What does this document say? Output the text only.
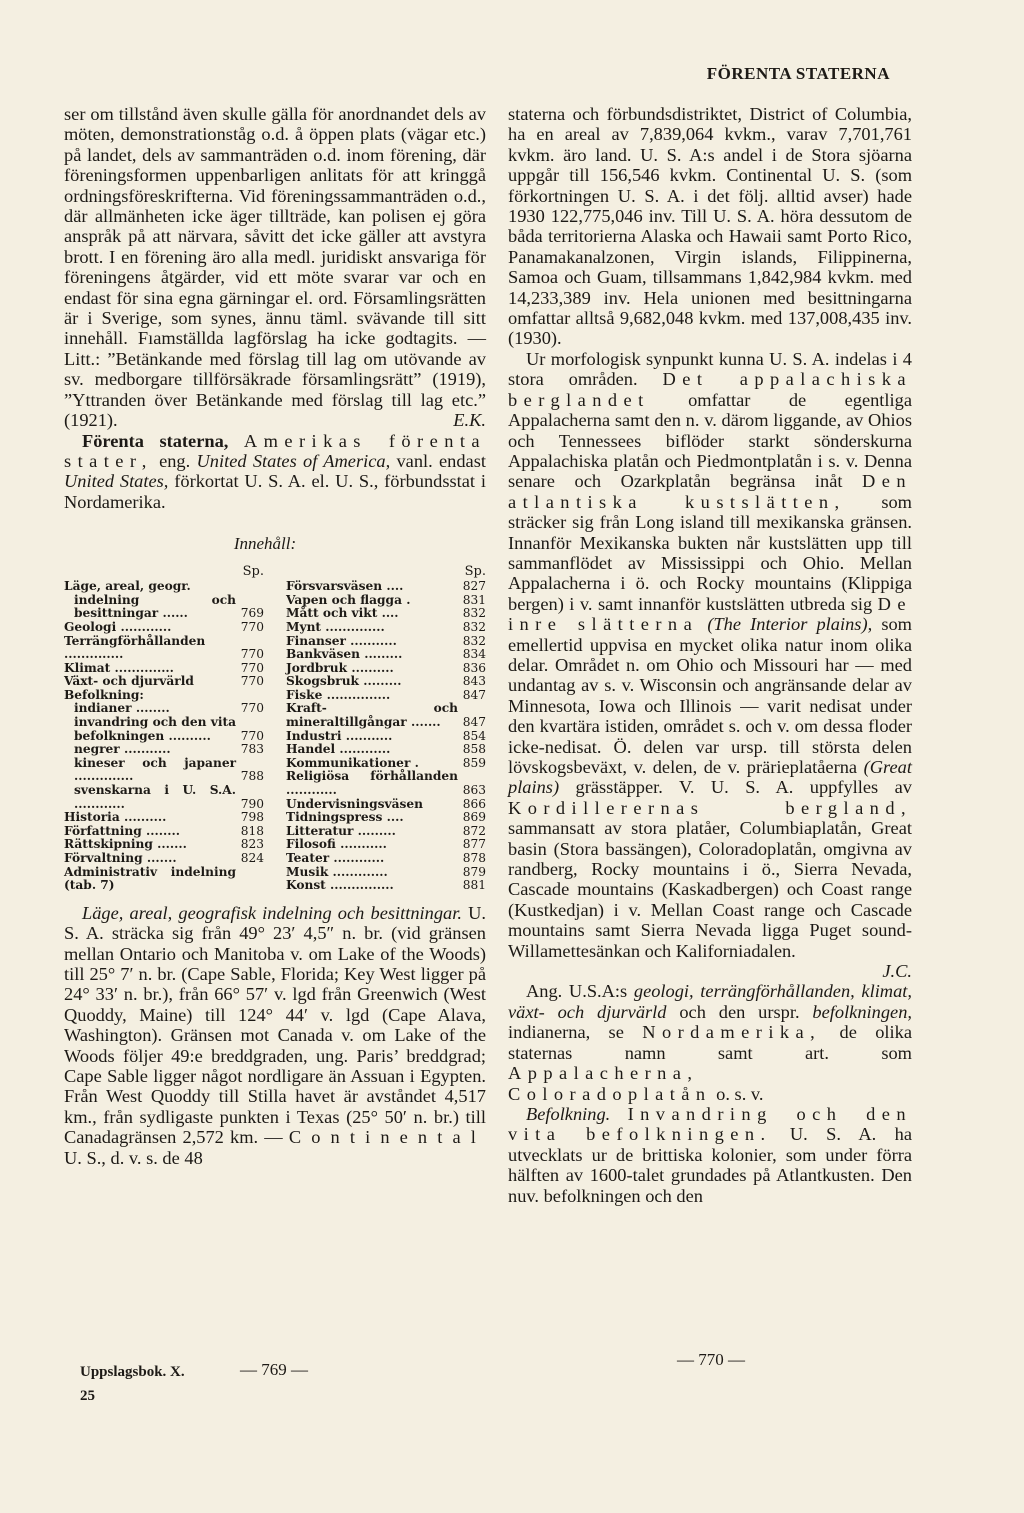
FÖRENTA STATERNA

ser om tillstånd även skulle gälla för anordnandet dels av möten, demonstrationståg o.d. å öppen plats (vägar etc.) på landet, dels av sammanträden o.d. inom förening, där föreningsformen uppenbarligen anlitats för att kringgå ordningsföreskrifterna. Vid föreningssammanträden o.d., där allmänheten icke äger tillträde, kan polisen ej göra anspråk på att närvara, såvitt det icke gäller att avstyra brott. I en förening äro alla medl. juridiskt ansvariga för föreningens åtgärder, vid ett möte svarar var och en endast för sina egna gärningar el. ord. Församlingsrätten är i Sverige, som synes, ännu täml. svävande till sitt innehåll. Fıamställda lagförslag ha icke godtagits. — Litt.: ”Betänkande med förslag till lag om utövande av sv. medborgare tillförsäkrade församlingsrätt” (1919), ”Yttranden över Betänkande med förslag till lag etc.” (1921).	E.K.

Förenta staterna, Amerikas förenta stater, eng. United States of America, vanl. endast United States, förkortat U. S. A. el. U. S., förbundsstat i Nordamerika.

Innehåll:
Sp.
Läge, areal, geogr.
indelning och besittningar ......	769
Geologi ............	770
Terrängförhållanden ..............	770
Klimat ..............	770
Växt- och djurvärld	770
Befolkning:
indianer ........	770
invandring och den vita befolkningen ..........	770
negrer ...........	783
kineser och japaner ..............	788
svenskarna i U. S.A. ............	790
Historia ..........	798
Författning ........	818
Rättskipning .......	823
Förvaltning .......	824
Administrativ indelning (tab. 7)
Sp.
Försvarsväsen ....	827
Vapen och flagga .	831
Mått och vikt ....	832
Mynt ..............	832
Finanser ...........	832
Bankväsen .........	834
Jordbruk ..........	836
Skogsbruk .........	843
Fiske ...............	847
Kraft- och mineraltillgångar .......	847
Industri ...........	854
Handel ............	858
Kommunikationer .	859
Religiösa förhållanden ............	863
Undervisningsväsen	866
Tidningspress ....	869
Litteratur .........	872
Filosofi ...........	877
Teater ............	878
Musik .............	879
Konst ...............	881

Läge, areal, geografisk indelning och besittningar. U. S. A. sträcka sig från 49° 23′ 4,5″ n. br. (vid gränsen mellan Ontario och Manitoba v. om Lake of the Woods) till 25° 7′ n. br. (Cape Sable, Florida; Key West ligger på 24° 33′ n. br.), från 66° 57′ v. lgd från Greenwich (West Quoddy, Maine) till 124° 44′ v. lgd (Cape Alava, Washington). Gränsen mot Canada v. om Lake of the Woods följer 49:e breddgraden, ung. Paris’ breddgrad; Cape Sable ligger något nordligare än Assuan i Egypten. Från West Quoddy till Stilla havet är avståndet 4,517 km., från sydligaste punkten i Texas (25° 50′ n. br.) till Canadagränsen 2,572 km. — Continental U. S., d. v. s. de 48

staterna och förbundsdistriktet, District of Columbia, ha en areal av 7,839,064 kvkm., varav 7,701,761 kvkm. äro land. U. S. A:s andel i de Stora sjöarna uppgår till 156,546 kvkm. Continental U. S. (som förkortningen U. S. A. i det följ. alltid avser) hade 1930 122,775,046 inv. Till U. S. A. höra dessutom de båda territorierna Alaska och Hawaii samt Porto Rico, Panamakanalzonen, Virgin islands, Filippinerna, Samoa och Guam, tillsammans 1,842,984 kvkm. med 14,233,389 inv. Hela unionen med besittningarna omfattar alltså 9,682,048 kvkm. med 137,008,435 inv. (1930).

Ur morfologisk synpunkt kunna U. S. A. indelas i 4 stora områden. Det appalachiska berglandet omfattar de egentliga Appalacherna samt den n. v. därom liggande, av Ohios och Tennessees biflöder starkt sönderskurna Appalachiska platån och Piedmontplatån i s. v. Denna senare och Ozarkplatån begränsa inåt Den atlantiska kustslätten, som sträcker sig från Long island till mexikanska gränsen. Innanför Mexikanska bukten når kustslätten upp till sammanflödet av Mississippi och Ohio. Mellan Appalacherna i ö. och Rocky mountains (Klippiga bergen) i v. samt innanför kustslätten utbreda sig De inre slätterna (The Interior plains), som emellertid uppvisa en mycket olika natur inom olika delar. Området n. om Ohio och Missouri har — med undantag av s. v. Wisconsin och angränsande delar av Minnesota, Iowa och Illinois — varit nedisat under den kvartära istiden, området s. och v. om dessa floder icke-nedisat. Ö. delen var ursp. till största delen lövskogsbeväxt, v. delen, de v. prärieplatåerna (Great plains) grässtäpper. V. U. S. A. uppfylles av Kordillerernas bergland, sammansatt av stora platåer, Columbiaplatån, Great basin (Stora bassängen), Coloradoplatån, omgivna av randberg, Rocky mountains i ö., Sierra Nevada, Cascade mountains (Kaskadbergen) och Coast range (Kustkedjan) i v. Mellan Coast range och Cascade mountains samt Sierra Nevada ligga Puget sound-Willamettesänkan och Kaliforniadalen.
J.C.

Ang. U.S.A:s geologi, terrängförhållanden, klimat, växt- och djurvärld och den urspr. befolkningen, indianerna, se Nordamerika, de olika staternas namn samt art. som Appalacherna, Coloradoplatån o. s. v.

Befolkning. Invandring och den vita befolkningen. U. S. A. ha utvecklats ur de brittiska kolonier, som under förra hälften av 1600-talet grundades på Atlantkusten. Den nuv. befolkningen och den

Uppslagsbok. X.
25
— 769 —
— 770 —
